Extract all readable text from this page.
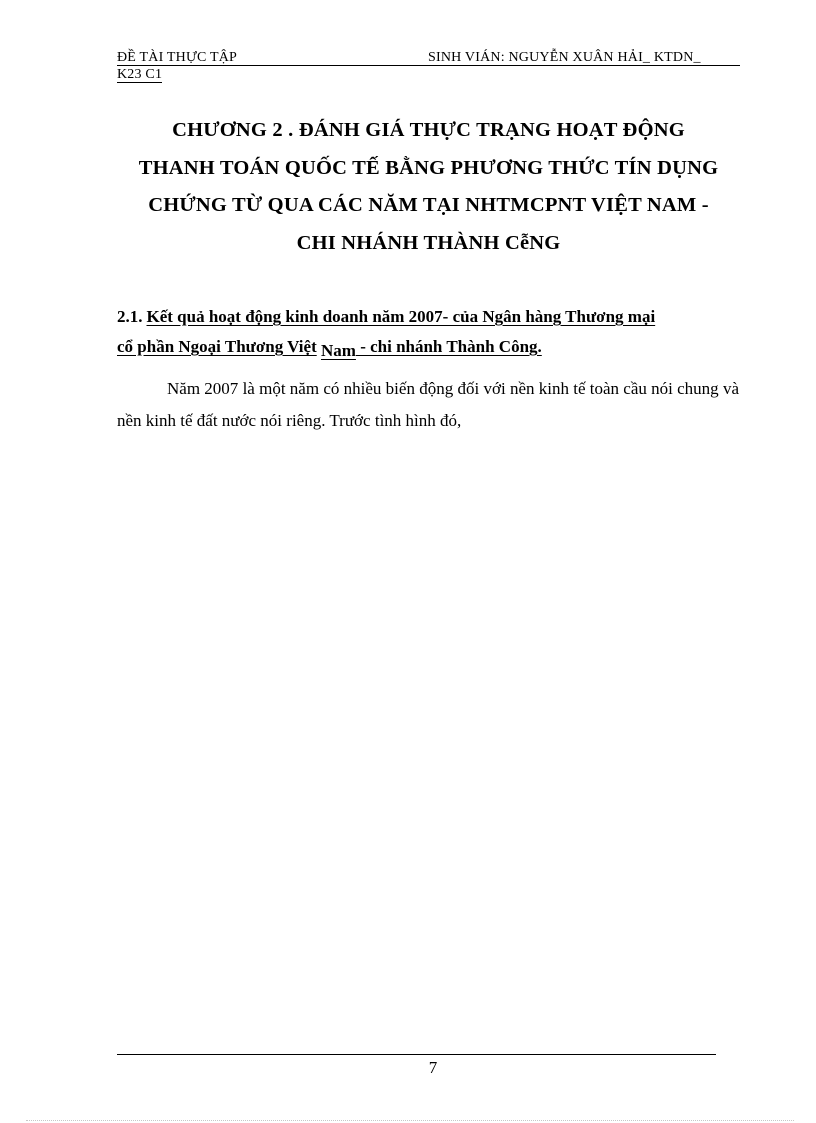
ĐỀ TÀI THỰC TẬP	SINH VIÁN: NGUYỄN XUÂN HẢI_ KTDN_
K23 C1
CHƯƠNG 2 . ĐÁNH GIÁ THỰC TRẠNG HOẠT ĐỘNG
THANH TOÁN QUỐC TẾ BẰNG PHƯƠNG THỨC TÍN DỤNG
CHỨNG TỪ QUA CÁC NĂM TẠI NHTMCPNT VIỆT NAM -
CHI NHÁNH THÀNH CễNG
2.1. Kết quả hoạt động kinh doanh năm 2007- của Ngân hàng Thương mại
cổ phần Ngoại Thương Việt Nam - chi nhánh Thành Công.
Năm 2007 là một năm có nhiều biến động đối với nền kinh tế toàn cầu nói chung và nền kinh tế đất nước nói riêng. Trước tình hình đó,
7
